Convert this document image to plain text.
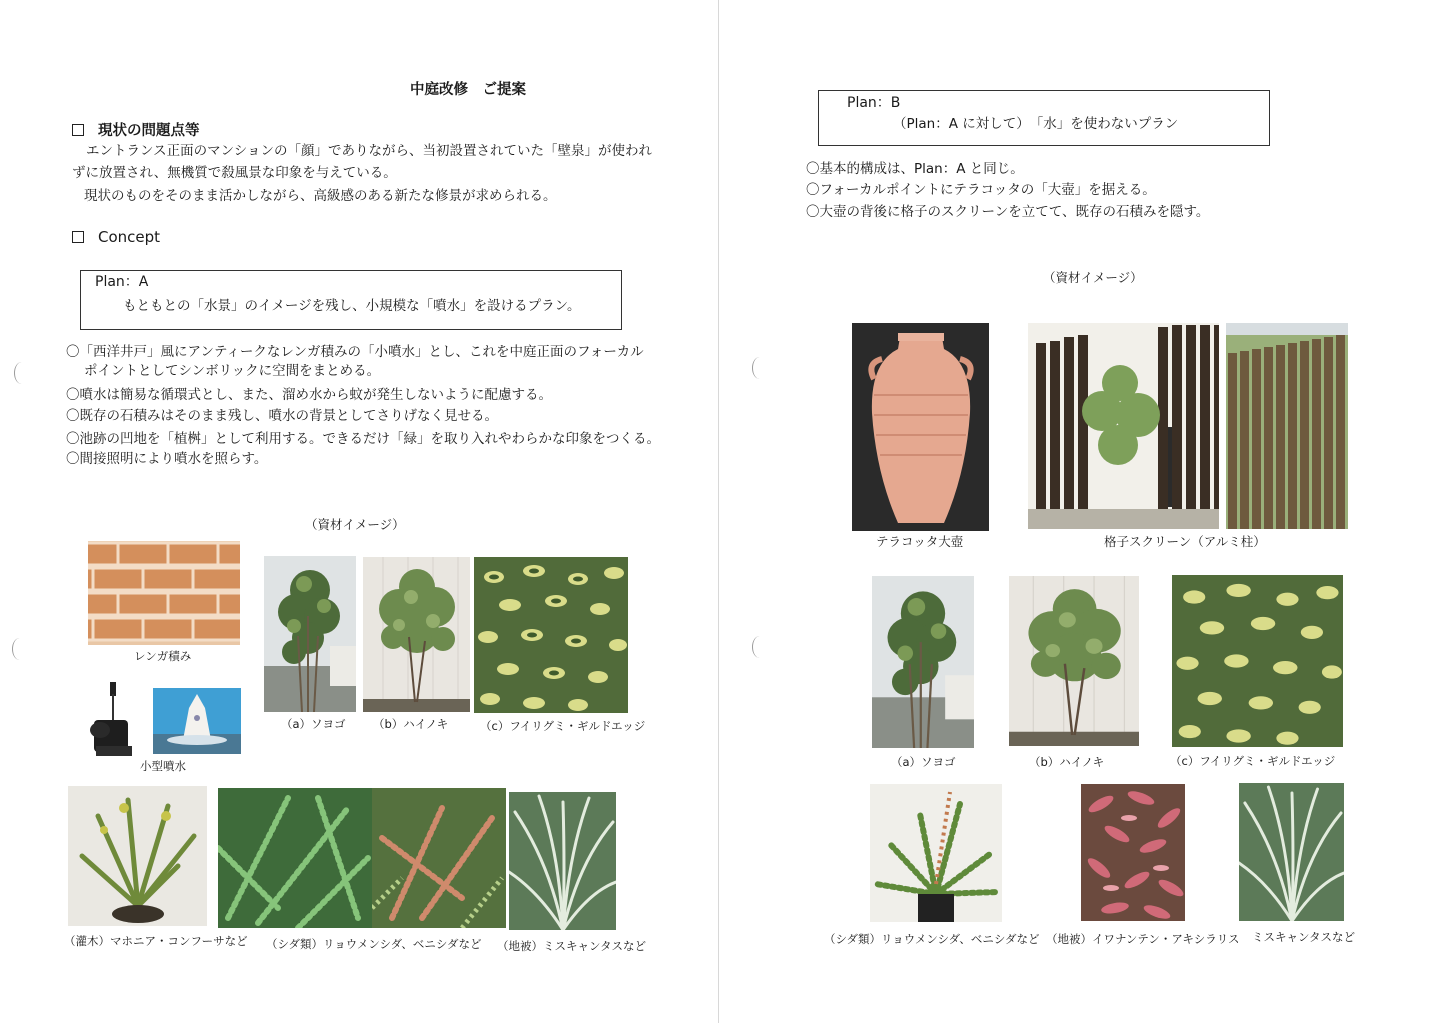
中庭改修　ご提案
現状の問題点等
エントランス正面のマンションの「顔」でありながら、当初設置されていた「壁泉」が使われ
ずに放置され、無機質で殺風景な印象を与えている。
現状のものをそのまま活かしながら、高級感のある新たな修景が求められる。
Concept
Plan：A
もともとの「水景」のイメージを残し、小規模な「噴水」を設けるプラン。
〇「西洋井戸」風にアンティークなレンガ積みの「小噴水」とし、これを中庭正面のフォーカル
ポイントとしてシンボリックに空間をまとめる。
〇噴水は簡易な循環式とし、また、溜め水から蚊が発生しないように配慮する。
〇既存の石積みはそのまま残し、噴水の背景としてさりげなく見せる。
〇池跡の凹地を「植桝」として利用する。できるだけ「緑」を取り入れやわらかな印象をつくる。
〇間接照明により噴水を照らす。
（資材イメージ）
レンガ積み
小型噴水
（a）ソヨゴ （b）ハイノキ	（c）フイリグミ・ギルドエッジ
（灌木）マホニア・コンフーサなど （シダ類）リョウメンシダ、ベニシダなど （地被）ミスキャンタスなど
Plan：B
（Plan：A に対して）　「水」を使わないプラン
〇基本的構成は、Plan：A と同じ。
〇フォーカルポイントにテラコッタの「大壺」を据える。
〇大壺の背後に格子のスクリーンを立てて、既存の石積みを隠す。
（資材イメージ）
テラコッタ大壺	格子スクリーン（アルミ柱）
（a）ソヨゴ	（b）ハイノキ	（c）フイリグミ・ギルドエッジ
（シダ類）リョウメンシダ、ベニシダなど （地被）イワナンテン・アキシラリス ミスキャンタスなど
